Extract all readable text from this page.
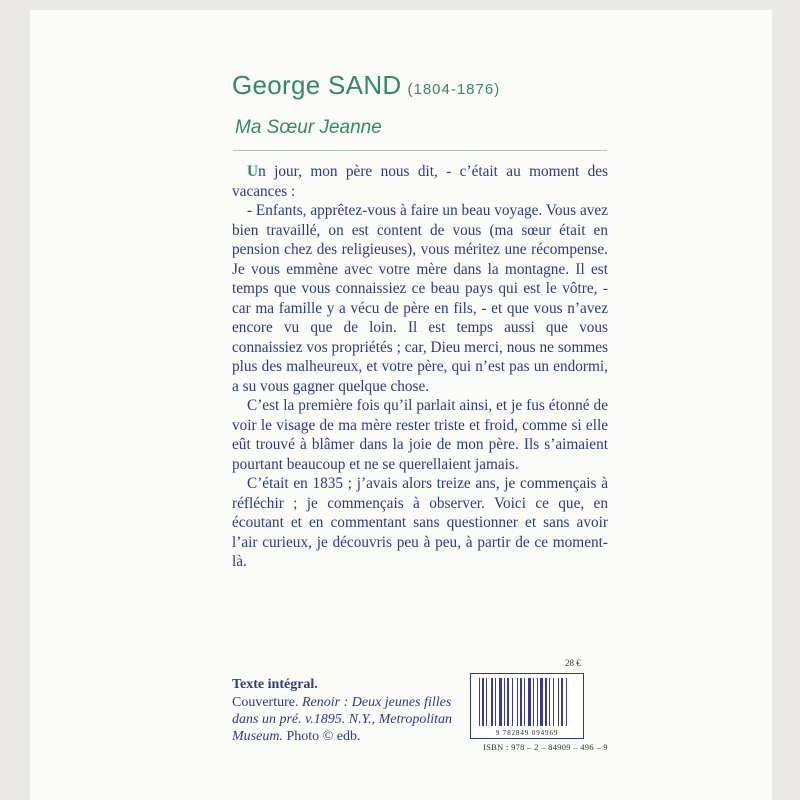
George SAND (1804-1876)
Ma Sœur Jeanne

Un jour, mon père nous dit, - c’était au moment des vacances :

- Enfants, apprêtez-vous à faire un beau voyage. Vous avez bien travaillé, on est content de vous (ma sœur était en pension chez des religieuses), vous méritez une récompense. Je vous emmène avec votre mère dans la montagne. Il est temps que vous connaissiez ce beau pays qui est le vôtre, - car ma famille y a vécu de père en fils, - et que vous n’avez encore vu que de loin. Il est temps aussi que vous connaissiez vos propriétés ; car, Dieu merci, nous ne sommes plus des malheureux, et votre père, qui n’est pas un endormi, a su vous gagner quelque chose.

C’est la première fois qu’il parlait ainsi, et je fus étonné de voir le visage de ma mère rester triste et froid, comme si elle eût trouvé à blâmer dans la joie de mon père. Ils s’aimaient pourtant beaucoup et ne se querellaient jamais.

C’était en 1835 ; j’avais alors treize ans, je commençais à réfléchir ; je commençais à observer. Voici ce que, en écoutant et en commentant sans questionner et sans avoir l’air curieux, je découvris peu à peu, à partir de ce moment-là.

28 €
Texte intégral.
Couverture. Renoir : Deux jeunes filles dans un pré. v.1895. N.Y., Metropolitan Museum. Photo © edb.	9 782849 094969
ISBN : 978 – 2 – 84909 – 496 – 9
